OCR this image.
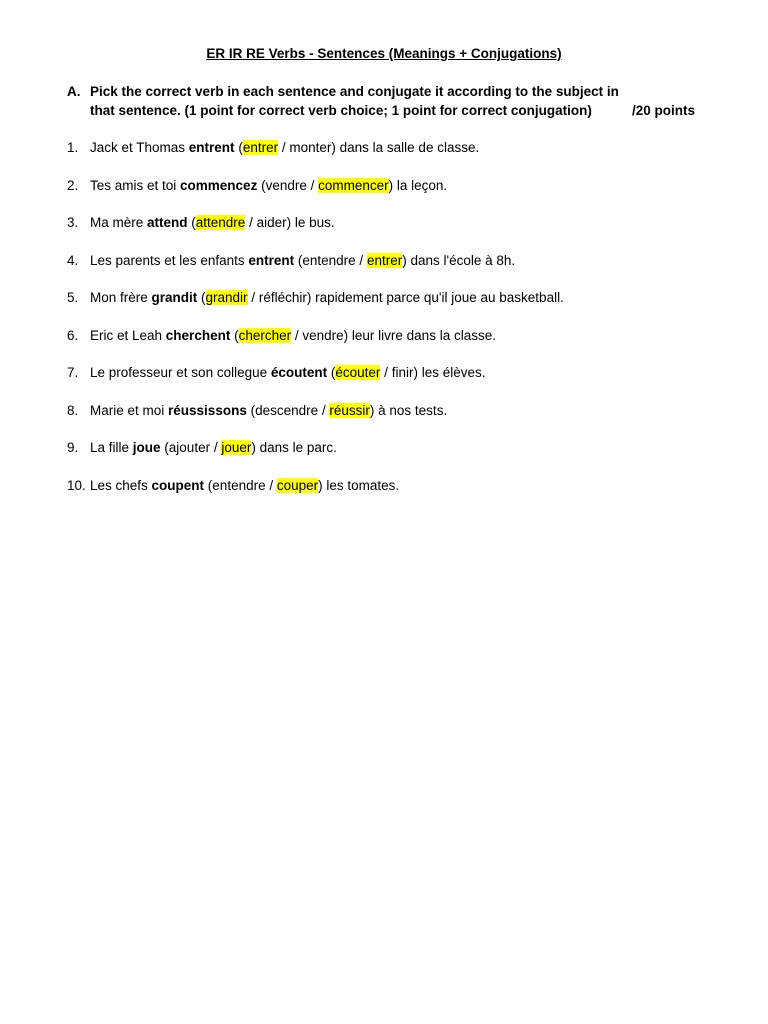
ER IR RE Verbs - Sentences (Meanings + Conjugations)
A. Pick the correct verb in each sentence and conjugate it according to the subject in that sentence. (1 point for correct verb choice; 1 point for correct conjugation)	/20 points
1. Jack et Thomas entrent (entrer / monter) dans la salle de classe.
2. Tes amis et toi commencez (vendre / commencer) la leçon.
3. Ma mère attend (attendre / aider) le bus.
4. Les parents et les enfants entrent (entendre / entrer) dans l'école à 8h.
5. Mon frère grandit (grandir / réfléchir) rapidement parce qu'il joue au basketball.
6. Eric et Leah cherchent (chercher / vendre) leur livre dans la classe.
7. Le professeur et son collegue écoutent (écouter / finir) les élèves.
8. Marie et moi réussissons (descendre / réussir) à nos tests.
9. La fille joue (ajouter / jouer) dans le parc.
10. Les chefs coupent (entendre / couper) les tomates.
